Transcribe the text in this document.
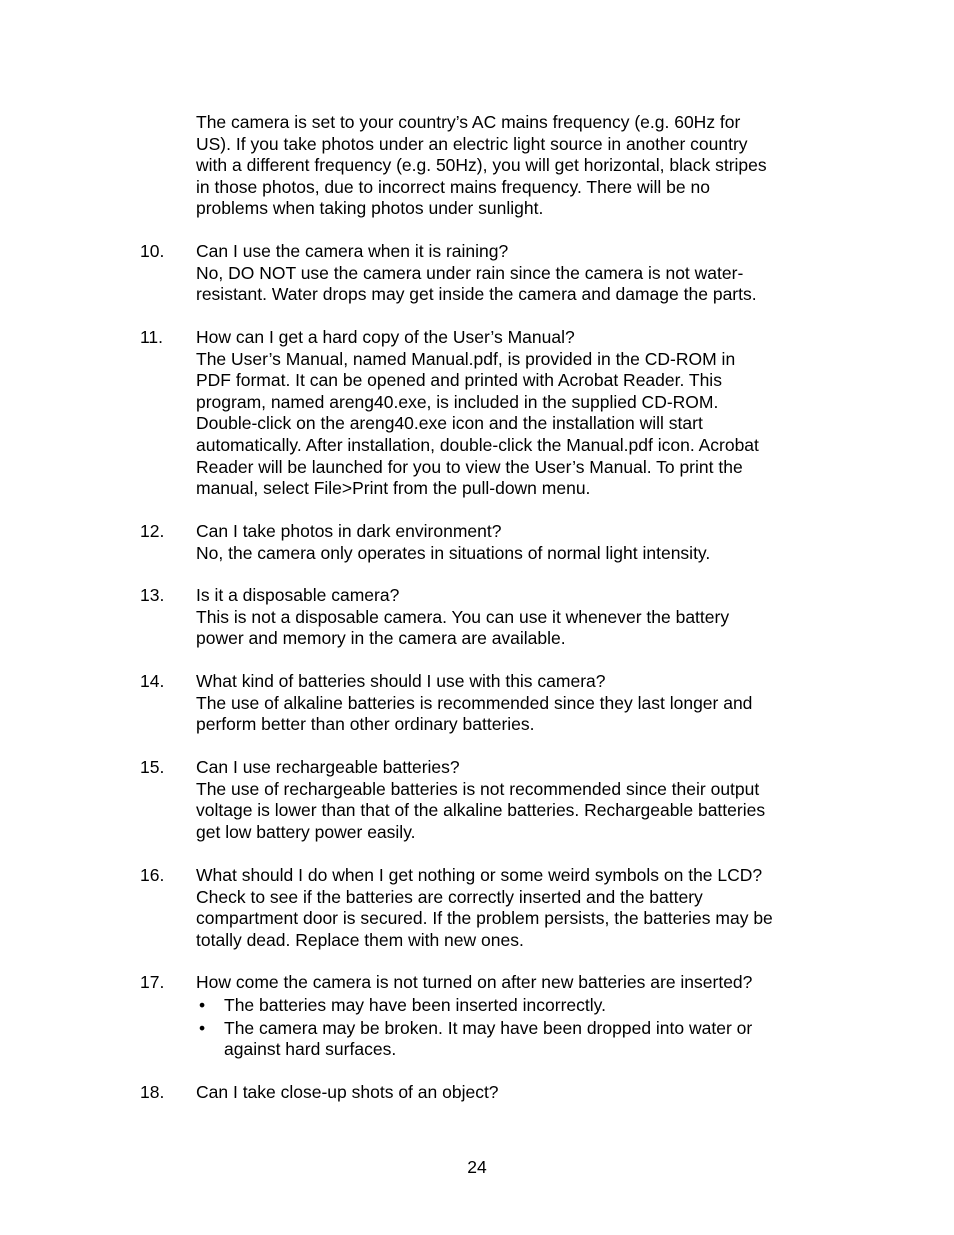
The camera is set to your country’s AC mains frequency (e.g. 60Hz for
US). If you take photos under an electric light source in another country
with a different frequency (e.g. 50Hz), you will get horizontal, black stripes
in those photos, due to incorrect mains frequency. There will be no
problems when taking photos under sunlight.
10.	Can I use the camera when it is raining?
No, DO NOT use the camera under rain since the camera is not water-
resistant. Water drops may get inside the camera and damage the parts.
11.	How can I get a hard copy of the User’s Manual?
The User’s Manual, named Manual.pdf, is provided in the CD-ROM in
PDF format. It can be opened and printed with Acrobat Reader. This
program, named areng40.exe, is included in the supplied CD-ROM.
Double-click on the areng40.exe icon and the installation will start
automatically. After installation, double-click the Manual.pdf icon. Acrobat
Reader will be launched for you to view the User’s Manual. To print the
manual, select File>Print from the pull-down menu.
12.	Can I take photos in dark environment?
No, the camera only operates in situations of normal light intensity.
13.	Is it a disposable camera?
This is not a disposable camera. You can use it whenever the battery
power and memory in the camera are available.
14.	What kind of batteries should I use with this camera?
The use of alkaline batteries is recommended since they last longer and
perform better than other ordinary batteries.
15.	Can I use rechargeable batteries?
The use of rechargeable batteries is not recommended since their output
voltage is lower than that of the alkaline batteries. Rechargeable batteries
get low battery power easily.
16.	What should I do when I get nothing or some weird symbols on the LCD?
Check to see if the batteries are correctly inserted and the battery
compartment door is secured. If the problem persists, the batteries may be
totally dead. Replace them with new ones.
17.	How come the camera is not turned on after new batteries are inserted?
• The batteries may have been inserted incorrectly.
• The camera may be broken. It may have been dropped into water or
against hard surfaces.
18.	Can I take close-up shots of an object?
24
